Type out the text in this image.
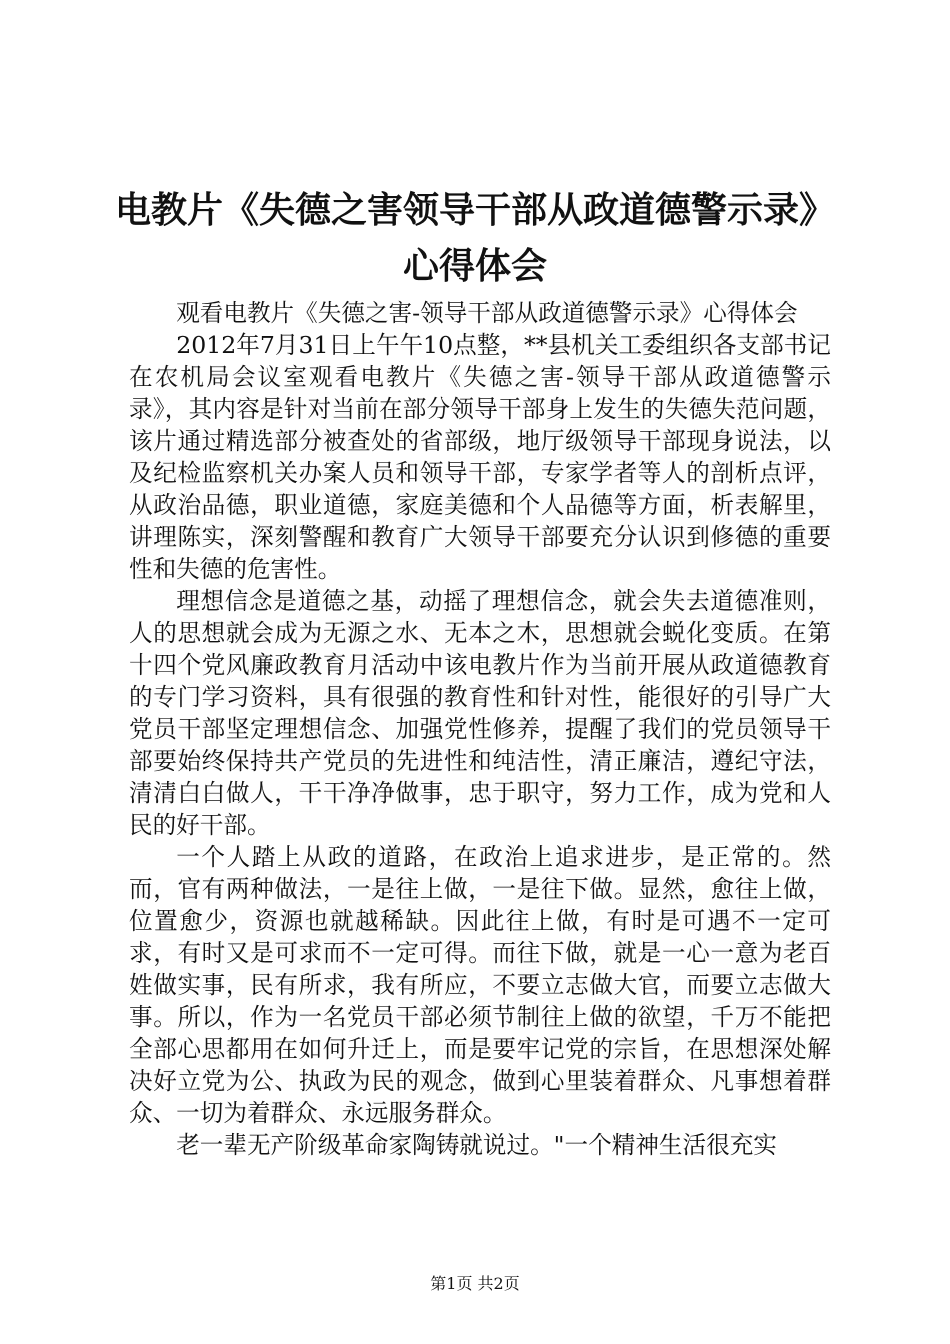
电教片《失德之害领导干部从政道德警示录》
心得体会

观看电教片《失德之害-领导干部从政道德警示录》心得体会

2012年7月31日上午午10点整，**县机关工委组织各支部书记在农机局会议室观看电教片《失德之害-领导干部从政道德警示录》，其内容是针对当前在部分领导干部身上发生的失德失范问题，该片通过精选部分被查处的省部级，地厅级领导干部现身说法，以及纪检监察机关办案人员和领导干部，专家学者等人的剖析点评，从政治品德，职业道德，家庭美德和个人品德等方面，析表解里，讲理陈实，深刻警醒和教育广大领导干部要充分认识到修德的重要性和失德的危害性。

理想信念是道德之基，动摇了理想信念，就会失去道德准则，人的思想就会成为无源之水、无本之木，思想就会蜕化变质。在第十四个党风廉政教育月活动中该电教片作为当前开展从政道德教育的专门学习资料，具有很强的教育性和针对性，能很好的引导广大党员干部坚定理想信念、加强党性修养，提醒了我们的党员领导干部要始终保持共产党员的先进性和纯洁性，清正廉洁，遵纪守法，清清白白做人，干干净净做事，忠于职守，努力工作，成为党和人民的好干部。

一个人踏上从政的道路，在政治上追求进步，是正常的。然而，官有两种做法，一是往上做，一是往下做。显然，愈往上做，位置愈少，资源也就越稀缺。因此往上做，有时是可遇不一定可求，有时又是可求而不一定可得。而往下做，就是一心一意为老百姓做实事，民有所求，我有所应，不要立志做大官，而要立志做大事。所以，作为一名党员干部必须节制往上做的欲望，千万不能把全部心思都用在如何升迁上，而是要牢记党的宗旨，在思想深处解决好立党为公、执政为民的观念，做到心里装着群众、凡事想着群众、一切为着群众、永远服务群众。

老一辈无产阶级革命家陶铸就说过。"一个精神生活很充实

第1页 共2页
